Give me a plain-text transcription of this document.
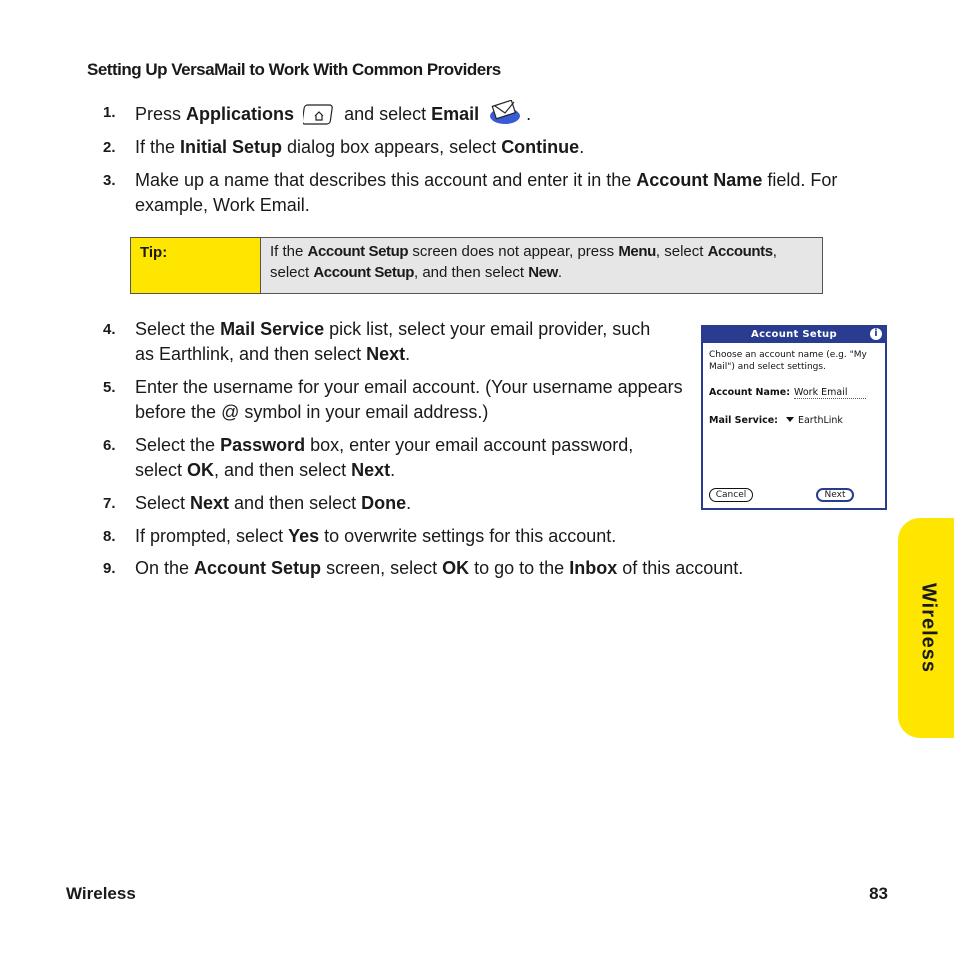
Setting Up VersaMail to Work With Common Providers
1.	Press Applications	and select Email	.
2.	If the Initial Setup dialog box appears, select Continue.
3.	Make up a name that describes this account and enter it in the Account Name field. For example, Work Email.
Tip:	If the Account Setup screen does not appear, press Menu, select Accounts, select Account Setup, and then select New.
4.	Select the Mail Service pick list, select your email provider, such as Earthlink, and then select Next.
5.	Enter the username for your email account. (Your username appears before the @ symbol in your email address.)
6.	Select the Password box, enter your email account password, select OK, and then select Next.
7.	Select Next and then select Done.
8.	If prompted, select Yes to overwrite settings for this account.
9.	On the Account Setup screen, select OK to go to the Inbox of this account.
Account Setup	i
Choose an account name (e.g. "My Mail") and select settings.
Account Name: Work Email
Mail Service: EarthLink
Cancel	Next
Wireless
Wireless	83
